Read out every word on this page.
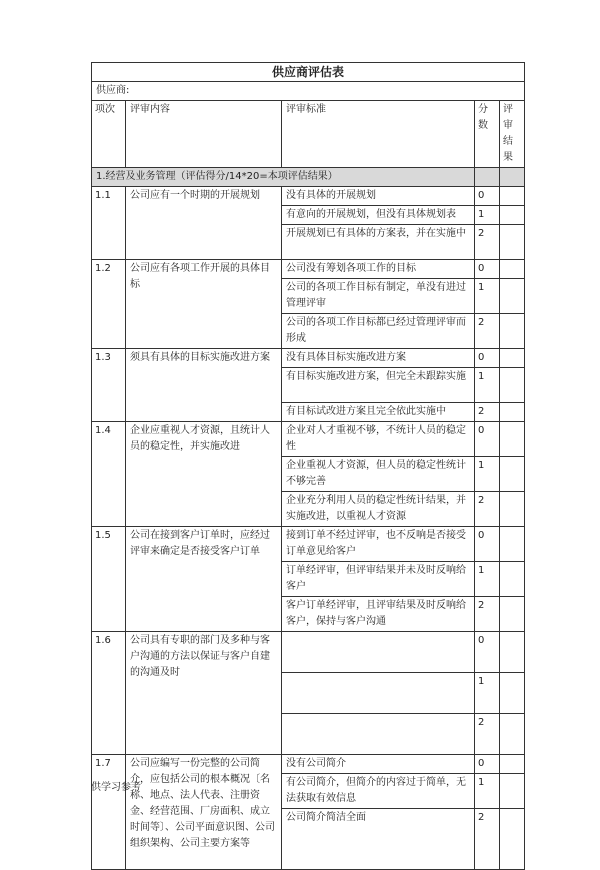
供应商评估表				
供应商:				
项次	评审内容	评审标准	分数	评审结果
1.经营及业务管理（评估得分/14*20=本项评估结果）				
1.1	公司应有一个时期的开展规划	没有具体的开展规划	0	
		有意向的开展规划，但没有具体规划表	1	
		开展规划已有具体的方案表，并在实施中	2	
1.2	公司应有各项工作开展的具体目标	公司没有筹划各项工作的目标	0	
		公司的各项工作目标有制定，单没有进过管理评审	1	
		公司的各项工作目标都已经过管理评审而形成	2	
1.3	须具有具体的目标实施改进方案	没有具体目标实施改进方案	0	
		有目标实施改进方案，但完全未跟踪实施	1	
		有目标试改进方案且完全依此实施中	2	
1.4	企业应重视人才资源，且统计人员的稳定性，并实施改进	企业对人才重视不够，不统计人员的稳定性	0	
		企业重视人才资源，但人员的稳定性统计不够完善	1	
		企业充分利用人员的稳定性统计结果，并实施改进，以重视人才资源	2	
1.5	公司在接到客户订单时，应经过评审来确定是否接受客户订单	接到订单不经过评审，也不反响是否接受订单意见给客户	0	
		订单经评审，但评审结果并未及时反响给客户	1	
		客户订单经评审，且评审结果及时反响给客户，保持与客户沟通	2	
1.6	公司具有专职的部门及多种与客户沟通的方法以保证与客户自建的沟通及时		0	
			1	
			2	
1.7	公司应编写一份完整的公司简介，应包括公司的根本概况〔名称、地点、法人代表、注册资金、经营范围、厂房面积、成立时间等〕、公司平面意识图、公司组织架构、公司主要方案等	没有公司简介	0	
		有公司简介，但简介的内容过于简单，无法获取有效信息	1	
		公司简介简洁全面	2	
供学习参考
